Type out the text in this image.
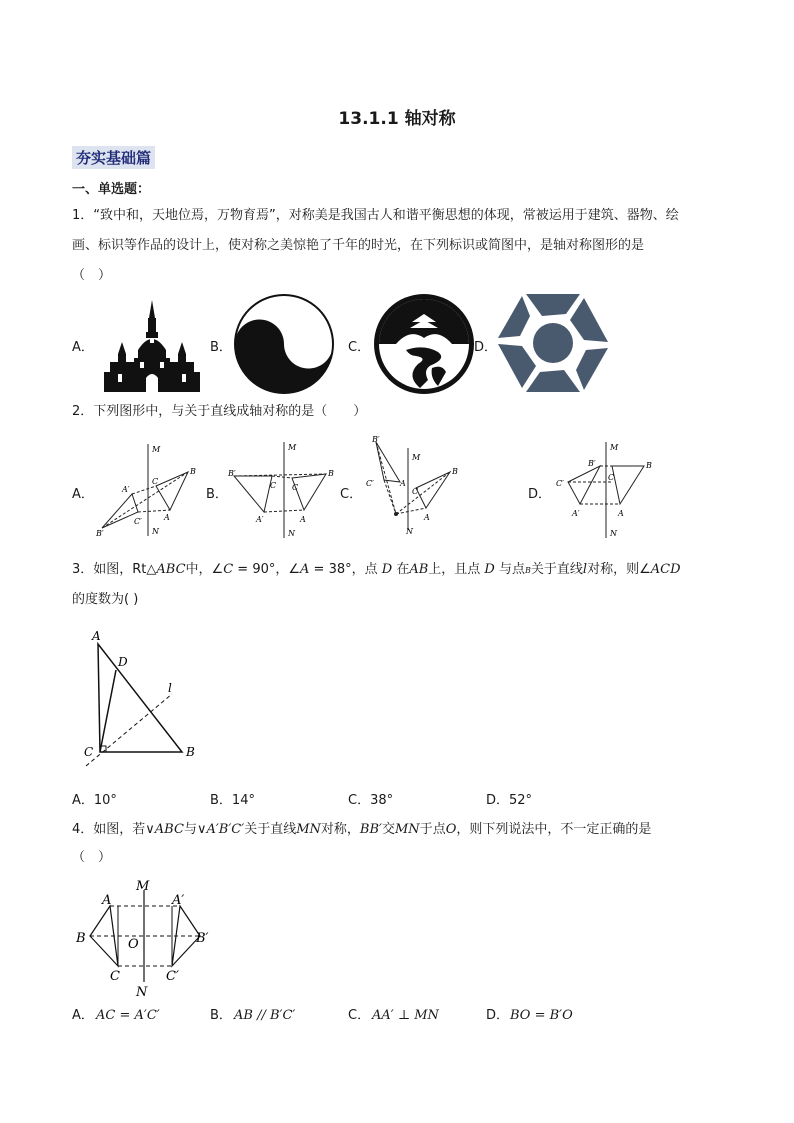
13.1.1 轴对称
夯实基础篇
一、单选题：
1．“致中和，天地位焉，万物育焉”，对称美是我国古人和谐平衡思想的体现，常被运用于建筑、器物、绘
画、标识等作品的设计上，使对称之美惊艳了千年的时光，在下列标识或简图中，是轴对称图形的是
（　）
A．	B．	C．	D．
2．下列图形中，与关于直线成轴对称的是（　　）
A．
M
N
C
B
A
A′
B′
C′
B．
M
N
B′
C C
B
A′	A
C．
M
N
B′
C′	A
C
B
A
D．
M
N
B′
C′
C
B
A′	A
3．如图，Rt△ABC中，∠C = 90°，∠A = 38°，点 D 在AB上，且点 D 与点B关于直线l对称，则∠ACD
的度数为( )
A
D
l
C	B
A．10°	B．14°	C．38°	D．52°
4．如图，若∨ABC与∨A′B′C′关于直线MN对称，BB′交MN于点O，则下列说法中，不一定正确的是
（　）
M
N
A	A′
B	B′
O
C	C′
A． AC = A′C′	B． AB // B′C′	C． AA′ ⊥ MN	D． BO = B′O
